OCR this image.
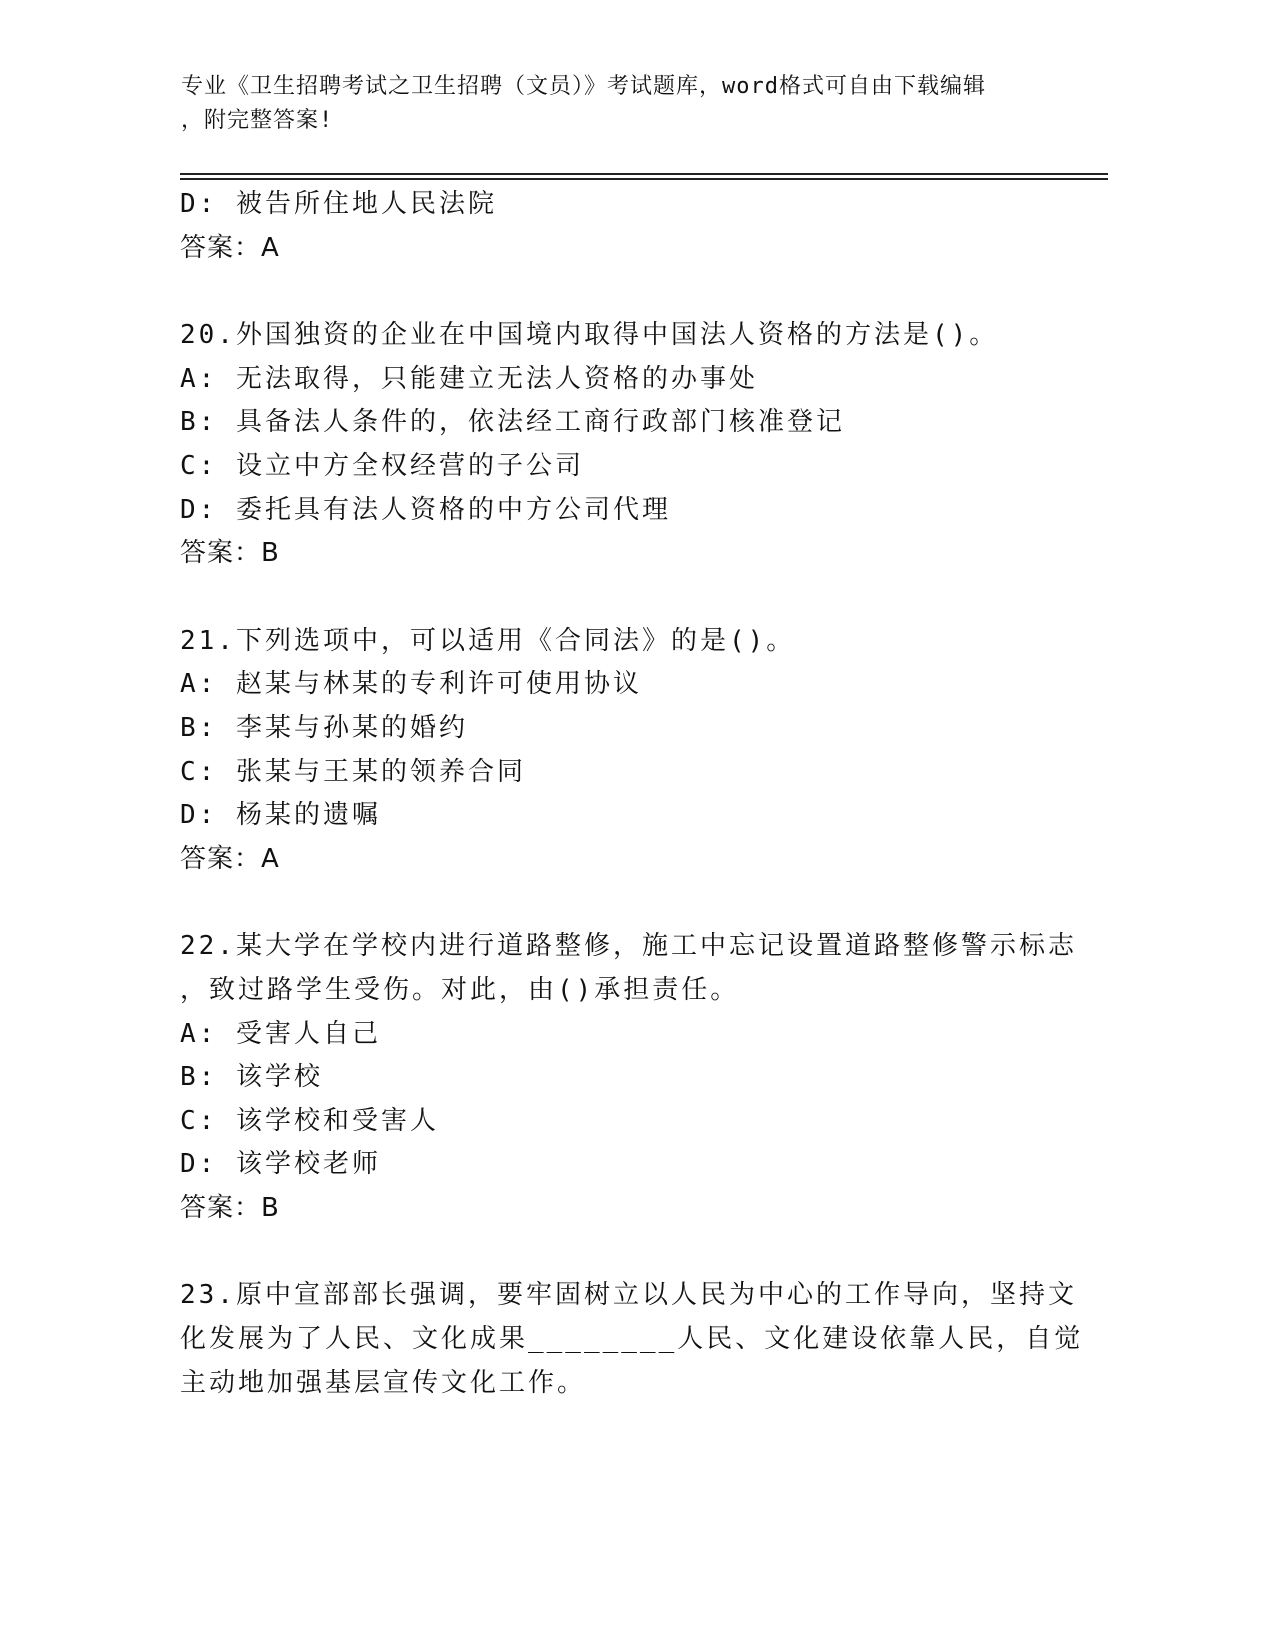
专业《卫生招聘考试之卫生招聘（文员）》考试题库，word格式可自由下载编辑
，附完整答案!
D: 被告所住地人民法院
答案：A
20.外国独资的企业在中国境内取得中国法人资格的方法是()。
A: 无法取得，只能建立无法人资格的办事处
B: 具备法人条件的，依法经工商行政部门核准登记
C: 设立中方全权经营的子公司
D: 委托具有法人资格的中方公司代理
答案：B
21.下列选项中，可以适用《合同法》的是()。
A: 赵某与林某的专利许可使用协议
B: 李某与孙某的婚约
C: 张某与王某的领养合同
D: 杨某的遗嘱
答案：A
22.某大学在学校内进行道路整修，施工中忘记设置道路整修警示标志
，致过路学生受伤。对此，由()承担责任。
A: 受害人自己
B: 该学校
C: 该学校和受害人
D: 该学校老师
答案：B
23.原中宣部部长强调，要牢固树立以人民为中心的工作导向，坚持文
化发展为了人民、文化成果________人民、文化建设依靠人民，自觉
主动地加强基层宣传文化工作。
